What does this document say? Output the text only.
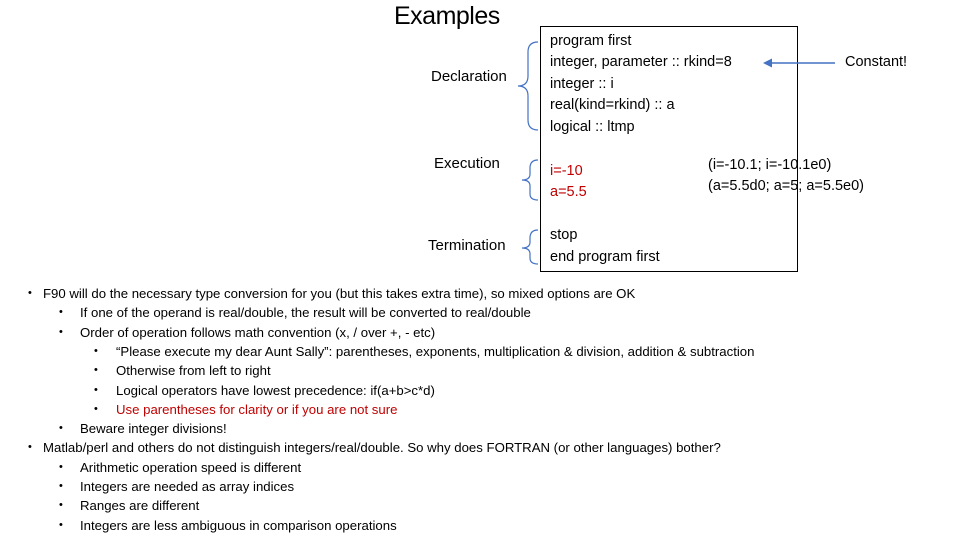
Examples
Declaration
Execution
Termination
program first
integer, parameter :: rkind=8
integer :: i
real(kind=rkind) :: a
logical :: ltmp
i=-10
a=5.5
stop
end program first
Constant!
(i=-10.1; i=-10.1e0)
(a=5.5d0; a=5; a=5.5e0)
• F90 will do the necessary type conversion for you (but this takes extra time), so mixed options are OK
• If one of the operand is real/double, the result will be converted to real/double
• Order of operation follows math convention (x, / over +, - etc)
• “Please execute my dear Aunt Sally”: parentheses, exponents, multiplication & division, addition & subtraction
• Otherwise from left to right
• Logical operators have lowest precedence: if(a+b>c*d)
• Use parentheses for clarity or if you are not sure
• Beware integer divisions!
• Matlab/perl and others do not distinguish integers/real/double. So why does FORTRAN (or other languages) bother?
• Arithmetic operation speed is different
• Integers are needed as array indices
• Ranges are different
• Integers are less ambiguous in comparison operations
